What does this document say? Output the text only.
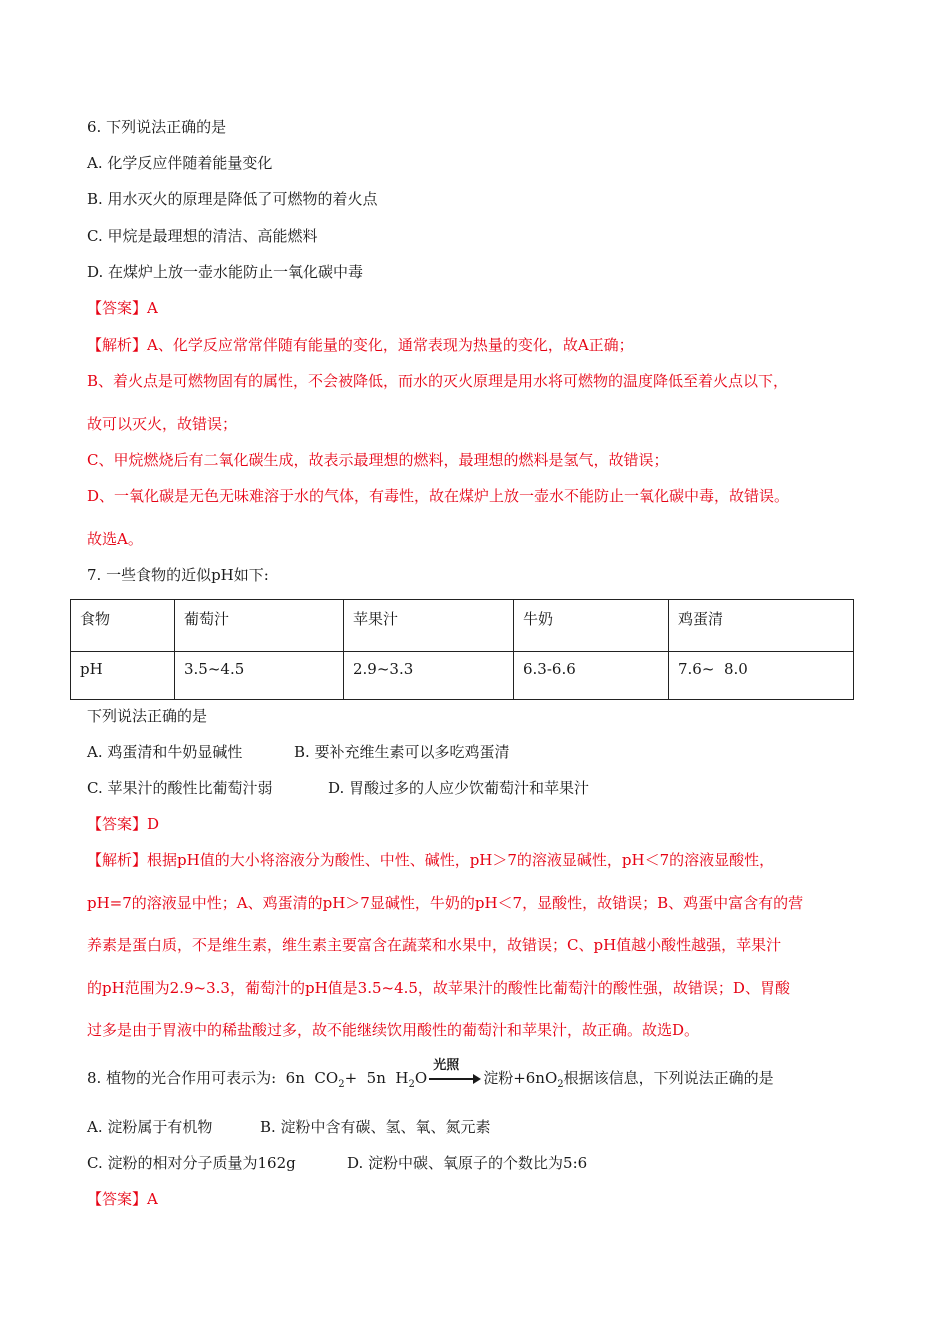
6. 下列说法正确的是
A. 化学反应伴随着能量变化
B. 用水灭火的原理是降低了可燃物的着火点
C. 甲烷是最理想的清洁、高能燃料
D. 在煤炉上放一壶水能防止一氧化碳中毒
【答案】A
【解析】A、化学反应常常伴随有能量的变化，通常表现为热量的变化，故A正确；
B、着火点是可燃物固有的属性，不会被降低，而水的灭火原理是用水将可燃物的温度降低至着火点以下，
故可以灭火，故错误；
C、甲烷燃烧后有二氧化碳生成，故表示最理想的燃料，最理想的燃料是氢气，故错误；
D、一氧化碳是无色无味难溶于水的气体，有毒性，故在煤炉上放一壶水不能防止一氧化碳中毒，故错误。
故选A。
7. 一些食物的近似pH如下:
食物	葡萄汁	苹果汁	牛奶	鸡蛋清
pH	3.5~4.5	2.9~3.3	6.3-6.6	7.6~  8.0
下列说法正确的是
A. 鸡蛋清和牛奶显碱性	B. 要补充维生素可以多吃鸡蛋清
C. 苹果汁的酸性比葡萄汁弱	D. 胃酸过多的人应少饮葡萄汁和苹果汁
【答案】D
【解析】根据pH值的大小将溶液分为酸性、中性、碱性，pH＞7的溶液显碱性，pH＜7的溶液显酸性，
pH=7的溶液显中性；A、鸡蛋清的pH＞7显碱性，牛奶的pH＜7，显酸性，故错误；B、鸡蛋中富含有的营
养素是蛋白质，不是维生素，维生素主要富含在蔬菜和水果中，故错误；C、pH值越小酸性越强，苹果汁
的pH范围为2.9~3.3，葡萄汁的pH值是3.5~4.5，故苹果汁的酸性比葡萄汁的酸性强，故错误；D、胃酸
过多是由于胃液中的稀盐酸过多，故不能继续饮用酸性的葡萄汁和苹果汁，故正确。故选D。
8. 植物的光合作用可表示为:  6n  $CO_2+ 5n$  $H_2O$
光照
淀粉$+6nO_2$根据该信息，下列说法正确的是
A. 淀粉属于有机物	B. 淀粉中含有碳、氢、氧、氮元素
C. 淀粉的相对分子质量为162g	D. 淀粉中碳、氧原子的个数比为5:6
【答案】A
